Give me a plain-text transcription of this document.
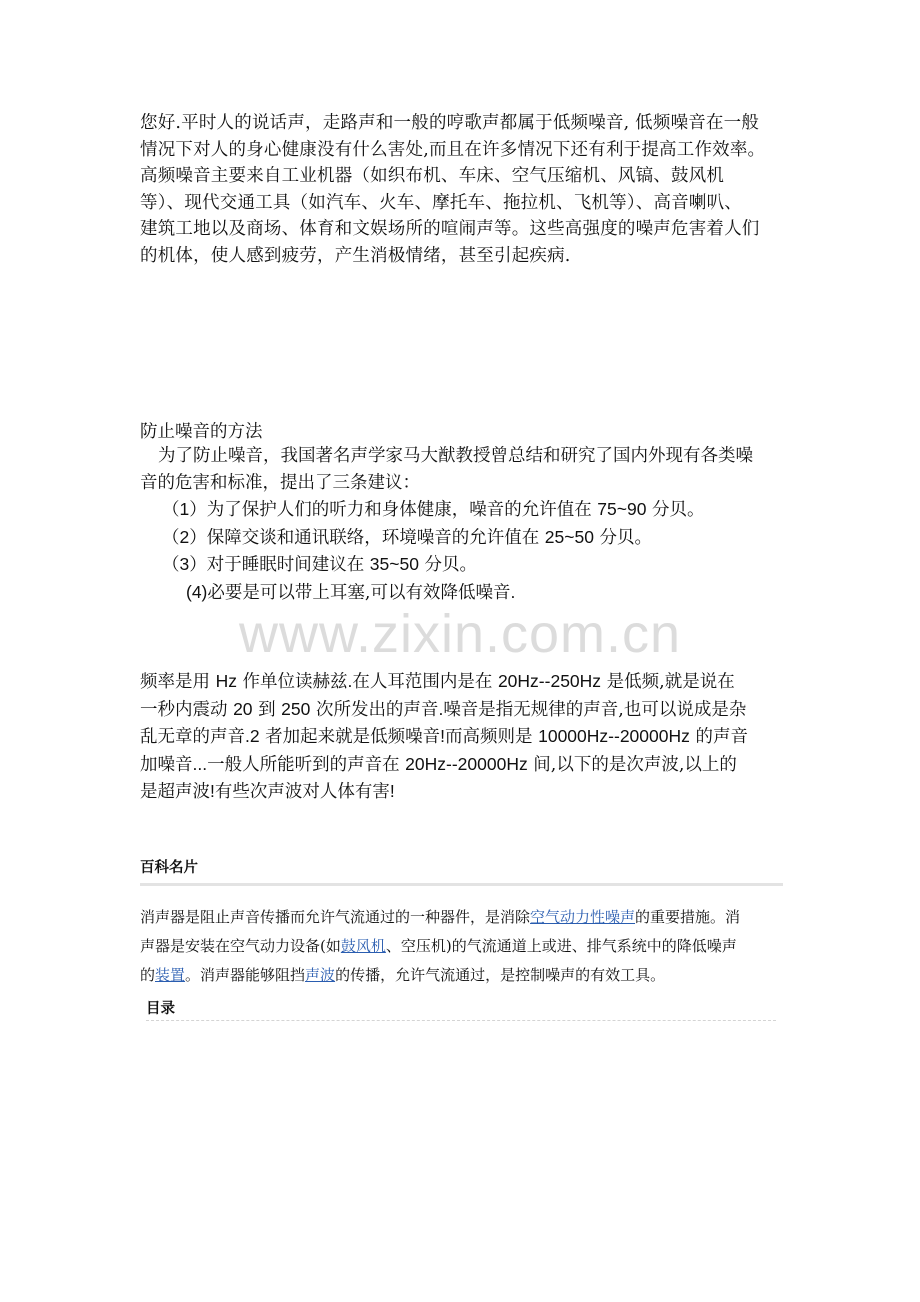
您好.平时人的说话声，走路声和一般的哼歌声都属于低频噪音, 低频噪音在一般
情况下对人的身心健康没有什么害处,而且在许多情况下还有利于提高工作效率。
高频噪音主要来自工业机器（如织布机、车床、空气压缩机、风镐、鼓风机
等）、现代交通工具（如汽车、火车、摩托车、拖拉机、飞机等）、高音喇叭、
建筑工地以及商场、体育和文娱场所的喧闹声等。这些高强度的噪声危害着人们
的机体，使人感到疲劳，产生消极情绪，甚至引起疾病.
防止噪音的方法
为了防止噪音，我国著名声学家马大猷教授曾总结和研究了国内外现有各类噪
音的危害和标准，提出了三条建议：
（1）为了保护人们的听力和身体健康，噪音的允许值在 75~90 分贝。
（2）保障交谈和通讯联络，环境噪音的允许值在 25~50 分贝。
（3）对于睡眠时间建议在 35~50 分贝。
(4)必要是可以带上耳塞,可以有效降低噪音.
www.zixin.com.cn
频率是用 Hz 作单位读赫兹.在人耳范围内是在 20Hz--250Hz 是低频,就是说在
一秒内震动 20 到 250 次所发出的声音.噪音是指无规律的声音,也可以说成是杂
乱无章的声音.2 者加起来就是低频噪音!而高频则是 10000Hz--20000Hz 的声音
加噪音...一般人所能听到的声音在 20Hz--20000Hz 间,以下的是次声波,以上的
是超声波!有些次声波对人体有害!
百科名片
消声器是阻止声音传播而允许气流通过的一种器件，是消除空气动力性噪声的重要措施。消
声器是安装在空气动力设备(如鼓风机、空压机)的气流通道上或进、排气系统中的降低噪声
的装置。消声器能够阻挡声波的传播，允许气流通过，是控制噪声的有效工具。
目录
